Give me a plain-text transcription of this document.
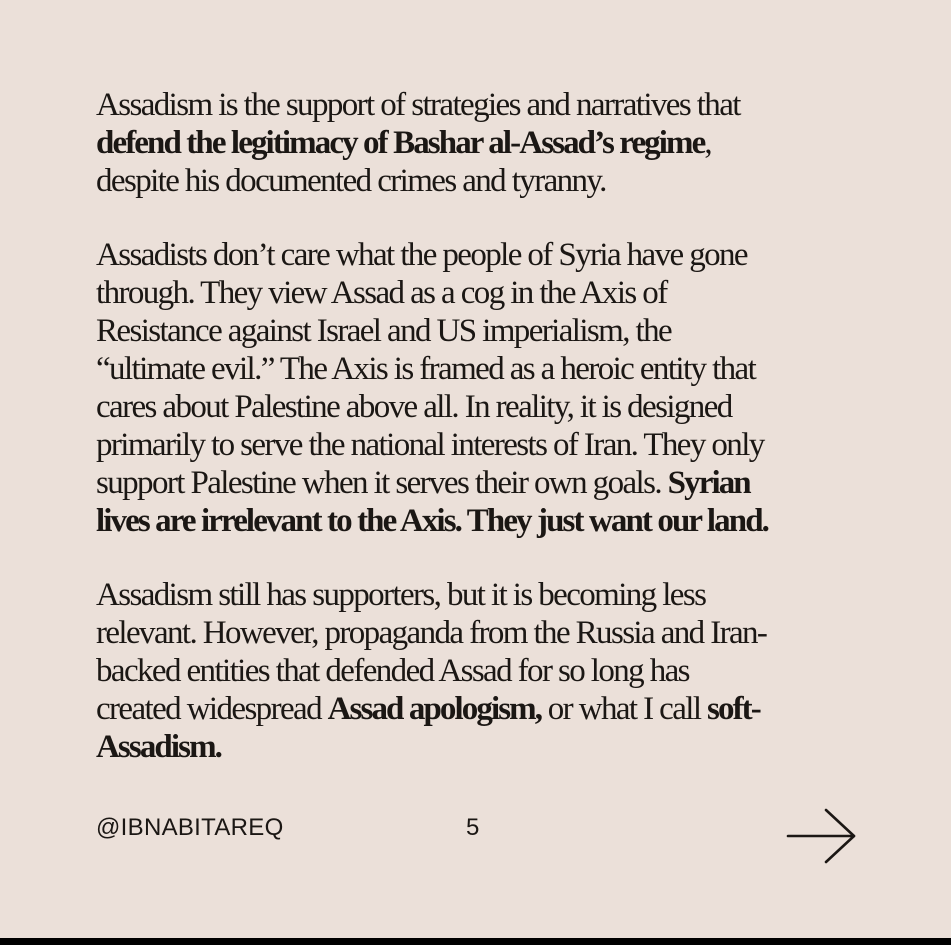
Assadism is the support of strategies and narratives that
defend the legitimacy of Bashar al-Assad’s regime,
despite his documented crimes and tyranny.

Assadists don’t care what the people of Syria have gone
through. They view Assad as a cog in the Axis of
Resistance against Israel and US imperialism, the
“ultimate evil.” The Axis is framed as a heroic entity that
cares about Palestine above all. In reality, it is designed
primarily to serve the national interests of Iran. They only
support Palestine when it serves their own goals. Syrian
lives are irrelevant to the Axis. They just want our land.

Assadism still has supporters, but it is becoming less
relevant. However, propaganda from the Russia and Iran-
backed entities that defended Assad for so long has
created widespread Assad apologism, or what I call soft-
Assadism.

@IBNABITAREQ	5
